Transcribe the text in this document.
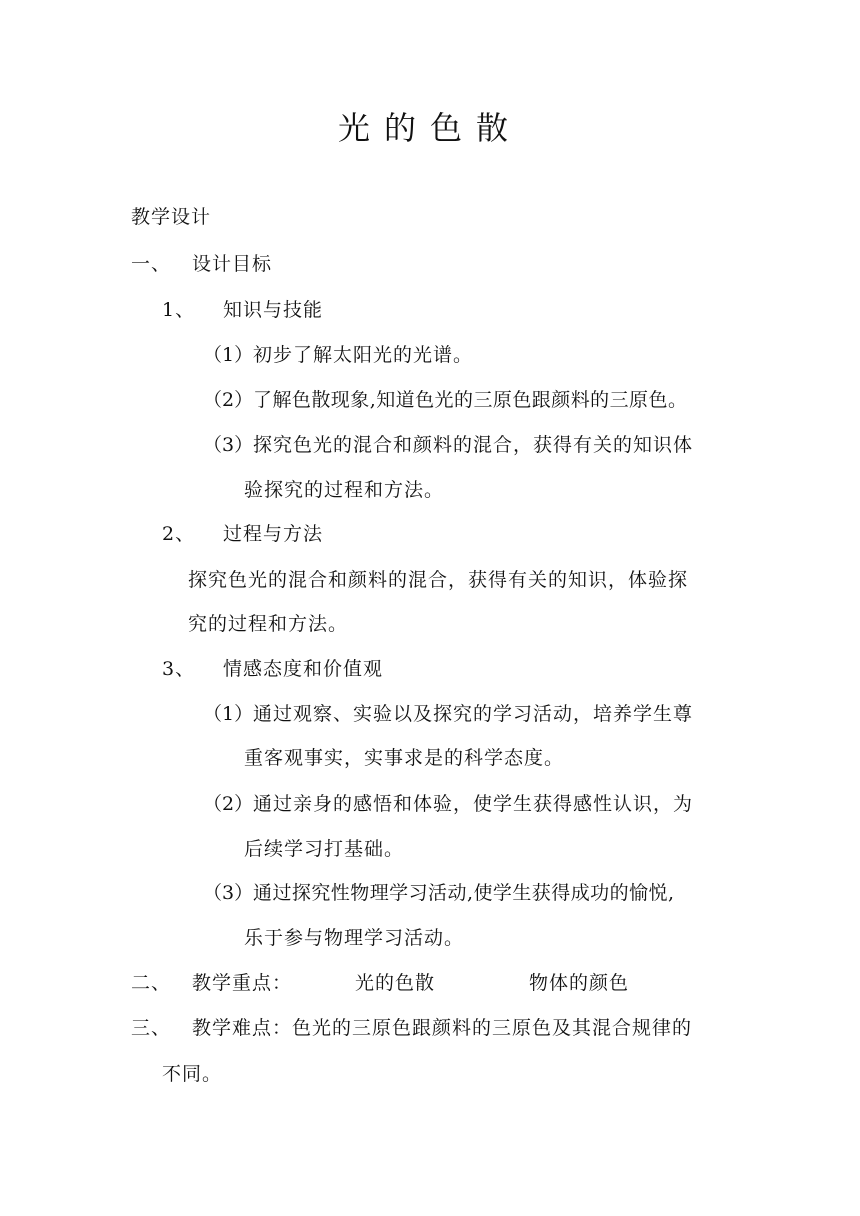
光的色散
教学设计
一、 设计目标
1、 知识与技能
（1） 初步了解太阳光的光谱。
（2） 了解色散现象,知道色光的三原色跟颜料的三原色。
（3） 探究色光的混合和颜料的混合，获得有关的知识体
验探究的过程和方法。
2、 过程与方法
探究色光的混合和颜料的混合，获得有关的知识，体验探
究的过程和方法。
3、 情感态度和价值观
（1） 通过观察、实验以及探究的学习活动，培养学生尊
重客观事实，实事求是的科学态度。
（2） 通过亲身的感悟和体验，使学生获得感性认识，为
后续学习打基础。
（3） 通过探究性物理学习活动,使学生获得成功的愉悦,
乐于参与物理学习活动。
二、 教学重点：	光的色散	物体的颜色
三、 教学难点：色光的三原色跟颜料的三原色及其混合规律的
不同。
